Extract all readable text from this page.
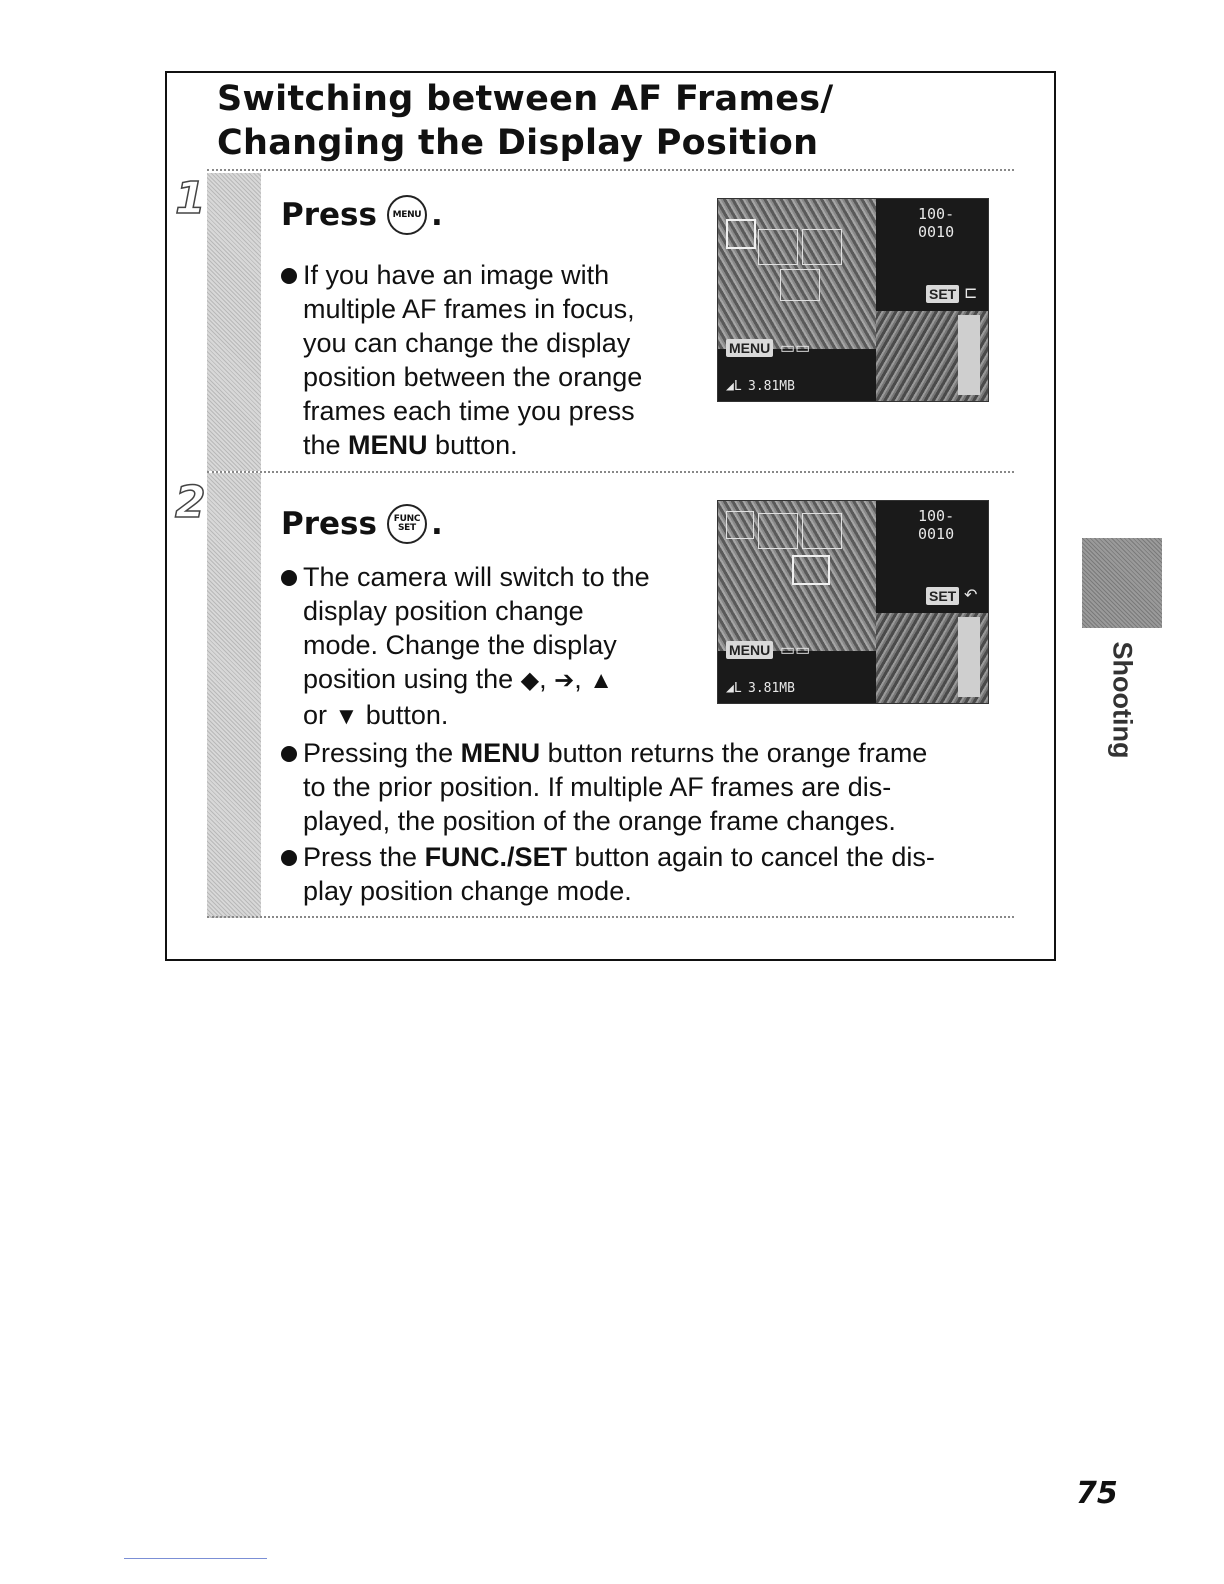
Switching between AF Frames/
Changing the Display Position
1 Press MENU .
If you have an image with
multiple AF frames in focus,
you can change the display
position between the orange
frames each time you press
the MENU button.
100-0010
SET ⊏
MENU ▭▭
◢L 3.81MB
2 Press FUNC
SET .
The camera will switch to the
display position change
mode. Change the display
position using the ◆, ➔, ▲
or ▼ button.
Pressing the MENU button returns the orange frame
to the prior position. If multiple AF frames are dis-
played, the position of the orange frame changes.
Press the FUNC./SET button again to cancel the dis-
play position change mode.
100-0010
SET ↶
MENU ▭▭
◢L 3.81MB	Shooting
75
